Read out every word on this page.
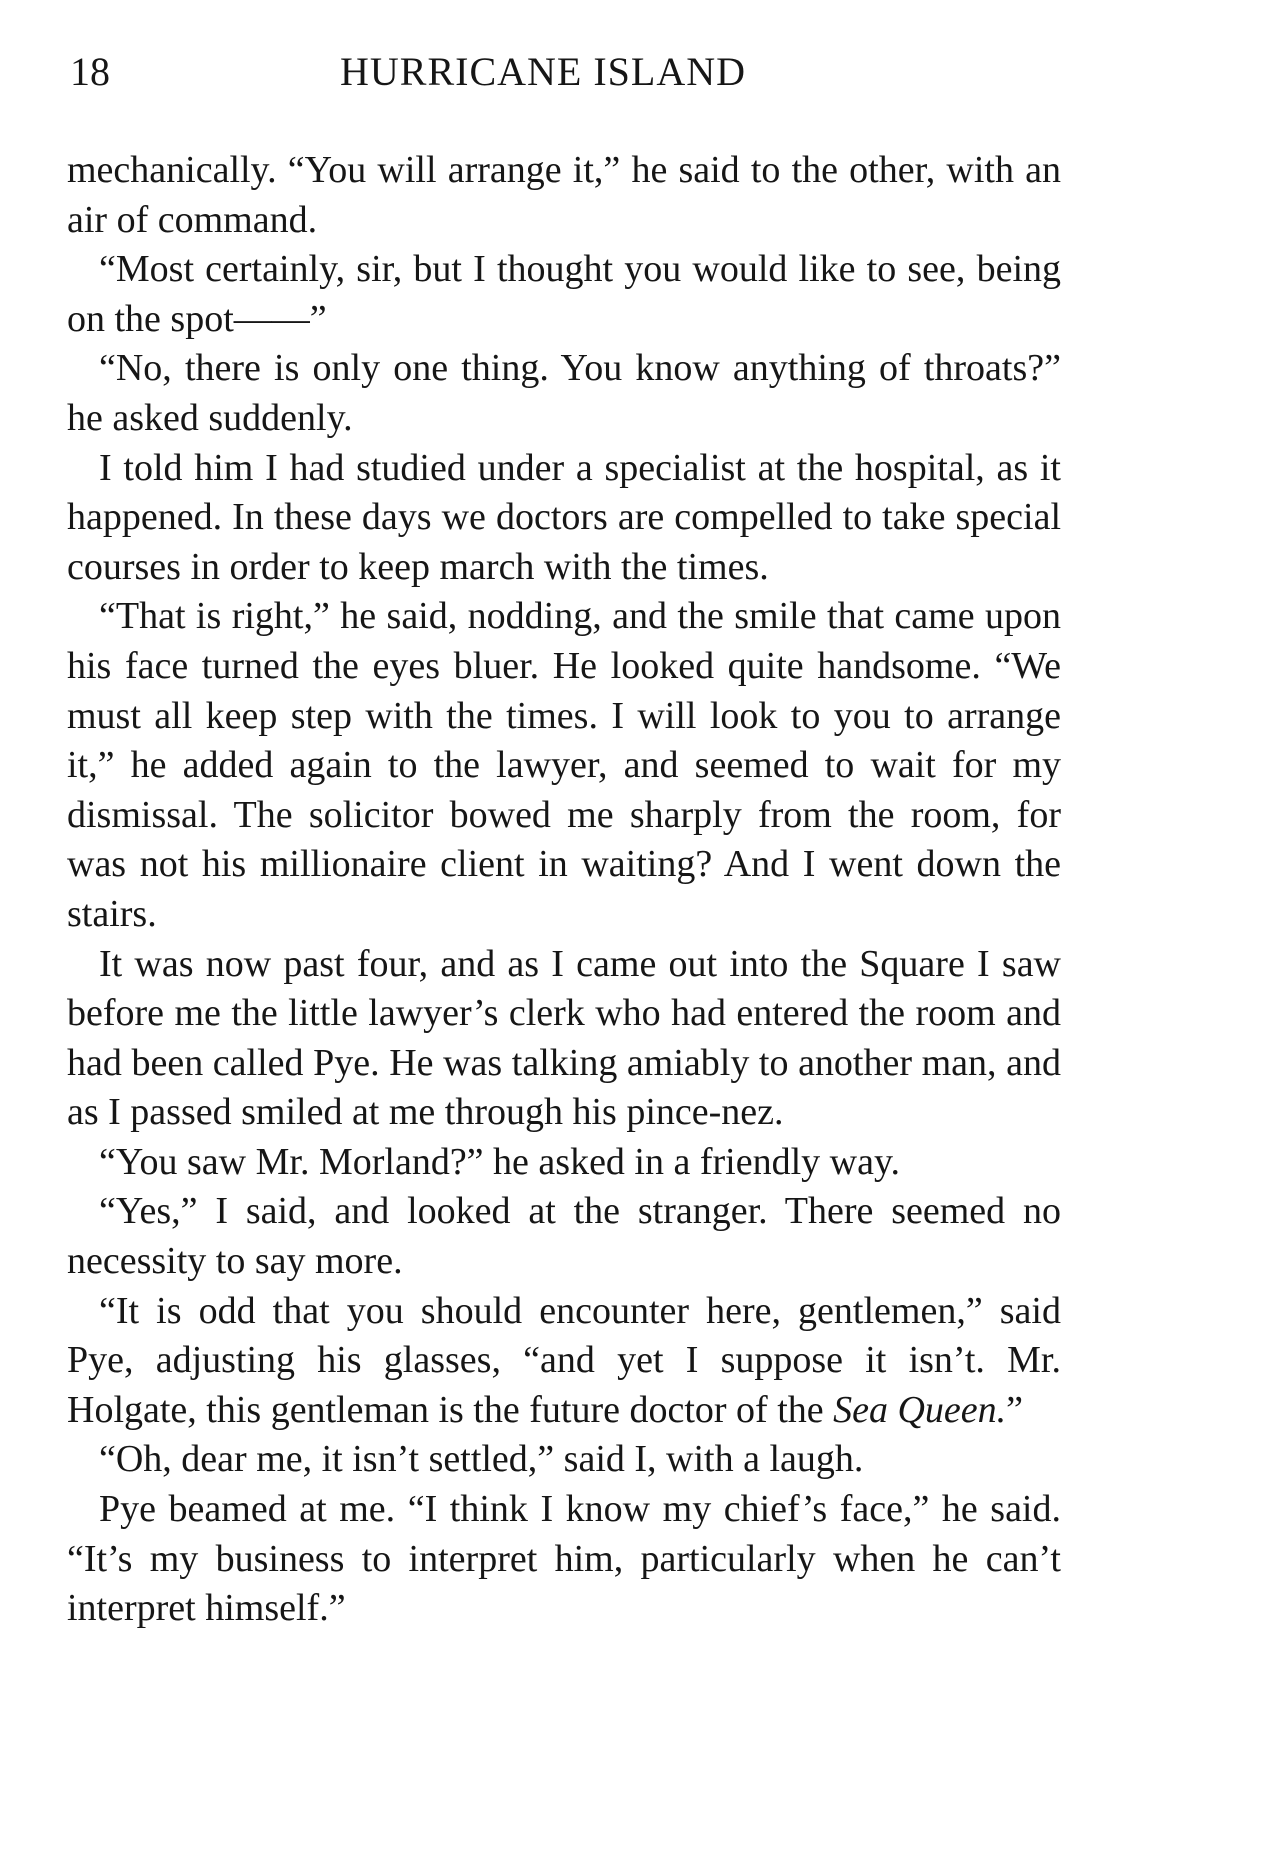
18	HURRICANE ISLAND

mechanically. “You will arrange it,” he said to the other, with an air of command.

“Most certainly, sir, but I thought you would like to see, being on the spot——”

“No, there is only one thing. You know anything of throats?” he asked suddenly.

I told him I had studied under a specialist at the hospital, as it happened. In these days we doctors are compelled to take special courses in order to keep march with the times.

“That is right,” he said, nodding, and the smile that came upon his face turned the eyes bluer. He looked quite handsome. “We must all keep step with the times. I will look to you to arrange it,” he added again to the lawyer, and seemed to wait for my dismissal. The solicitor bowed me sharply from the room, for was not his millionaire client in waiting? And I went down the stairs.

It was now past four, and as I came out into the Square I saw before me the little lawyer’s clerk who had entered the room and had been called Pye. He was talking amiably to another man, and as I passed smiled at me through his pince-nez.

“You saw Mr. Morland?” he asked in a friendly way.

“Yes,” I said, and looked at the stranger. There seemed no necessity to say more.

“It is odd that you should encounter here, gentlemen,” said Pye, adjusting his glasses, “and yet I suppose it isn’t. Mr. Holgate, this gentleman is the future doctor of the Sea Queen.”

“Oh, dear me, it isn’t settled,” said I, with a laugh.

Pye beamed at me. “I think I know my chief’s face,” he said. “It’s my business to interpret him, particularly when he can’t interpret himself.”
